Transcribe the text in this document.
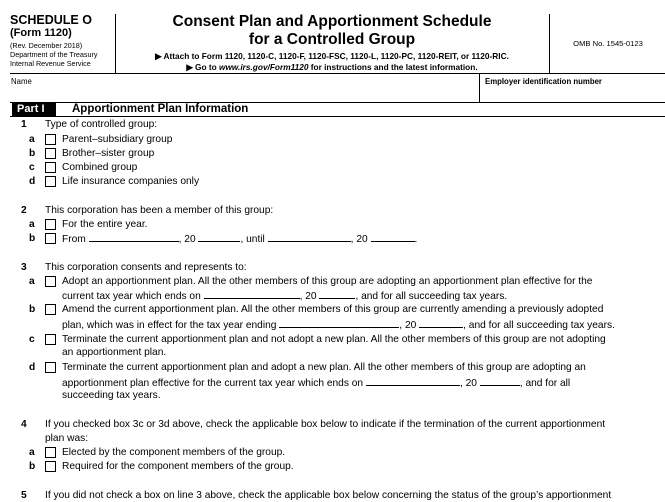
SCHEDULE O
(Form 1120)
(Rev. December 2018)
Department of the Treasury
Internal Revenue Service
Consent Plan and Apportionment Schedule
for a Controlled Group
▶ Attach to Form 1120, 1120-C, 1120-F, 1120-FSC, 1120-L, 1120-PC, 1120-REIT, or 1120-RIC.
▶ Go to www.irs.gov/Form1120 for instructions and the latest information.
OMB No. 1545-0123
Name	Employer identification number
Part I	Apportionment Plan Information
1 Type of controlled group:
a	Parent–subsidiary group
b	Brother–sister group
c	Combined group
d	Life insurance companies only
2 This corporation has been a member of this group:
a	For the entire year.
b	From	, 20	, until	, 20	.
3 This corporation consents and represents to:
a	Adopt an apportionment plan. All the other members of this group are adopting an apportionment plan effective for the
current tax year which ends on	, 20	, and for all succeeding tax years.
b	Amend the current apportionment plan. All the other members of this group are currently amending a previously adopted
plan, which was in effect for the tax year ending	, 20	, and for all succeeding tax years.
c	Terminate the current apportionment plan and not adopt a new plan. All the other members of this group are not adopting
an apportionment plan.
d	Terminate the current apportionment plan and adopt a new plan. All the other members of this group are adopting an
apportionment plan effective for the current tax year which ends on	, 20	, and for all
succeeding tax years.
4 If you checked box 3c or 3d above, check the applicable box below to indicate if the termination of the current apportionment
plan was:
a	Elected by the component members of the group.
b	Required for the component members of the group.
5 If you did not check a box on line 3 above, check the applicable box below concerning the status of the group’s apportionment
